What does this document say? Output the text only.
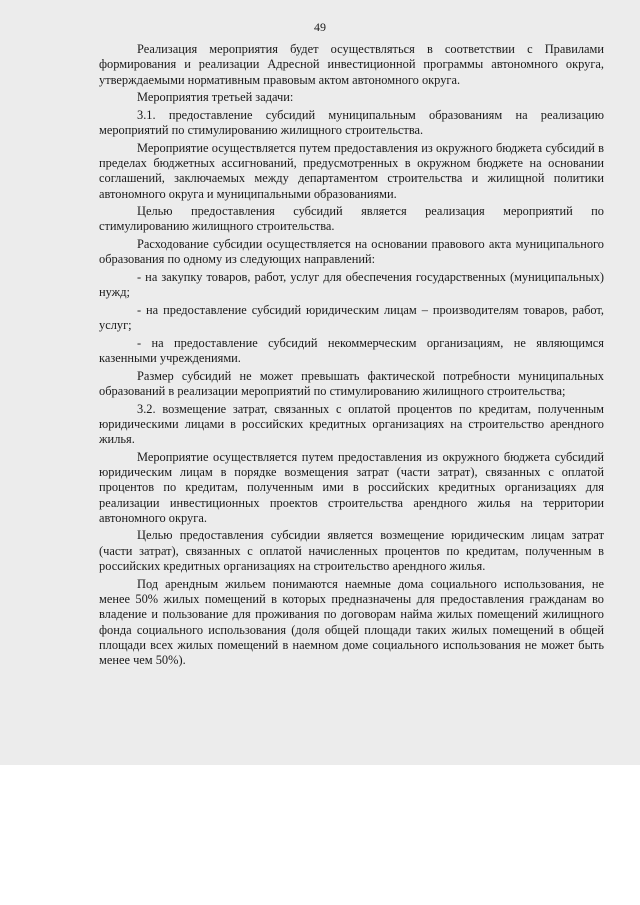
49

Реализация мероприятия будет осуществляться в соответствии с Правилами формирования и реализации Адресной инвестиционной программы автономного округа, утверждаемыми нормативным правовым актом автономного округа.

Мероприятия третьей задачи:

3.1. предоставление субсидий муниципальным образованиям на реализацию мероприятий по стимулированию жилищного строительства.

Мероприятие осуществляется путем предоставления из окружного бюджета субсидий в пределах бюджетных ассигнований, предусмотренных в окружном бюджете на основании соглашений, заключаемых между департаментом строительства и жилищной политики автономного округа и муниципальными образованиями.

Целью предоставления субсидий является реализация мероприятий по стимулированию жилищного строительства.

Расходование субсидии осуществляется на основании правового акта муниципального образования по одному из следующих направлений:

- на закупку товаров, работ, услуг для обеспечения государственных (муниципальных) нужд;

- на предоставление субсидий юридическим лицам – производителям товаров, работ, услуг;

- на предоставление субсидий некоммерческим организациям, не являющимся казенными учреждениями.

Размер субсидий не может превышать фактической потребности муниципальных образований в реализации мероприятий по стимулированию жилищного строительства;

3.2. возмещение затрат, связанных с оплатой процентов по кредитам, полученным юридическими лицами в российских кредитных организациях на строительство арендного жилья.

Мероприятие осуществляется путем предоставления из окружного бюджета субсидий юридическим лицам в порядке возмещения затрат (части затрат), связанных с оплатой процентов по кредитам, полученным ими в российских кредитных организациях для реализации инвестиционных проектов строительства арендного жилья на территории автономного округа.

Целью предоставления субсидии является возмещение юридическим лицам затрат (части затрат), связанных с оплатой начисленных процентов по кредитам, полученным в российских кредитных организациях на строительство арендного жилья.

Под арендным жильем понимаются наемные дома социального использования, не менее 50% жилых помещений в которых предназначены для предоставления гражданам во владение и пользование для проживания по договорам найма жилых помещений жилищного фонда социального использования (доля общей площади таких жилых помещений в общей площади всех жилых помещений в наемном доме социального использования не может быть менее чем 50%).
